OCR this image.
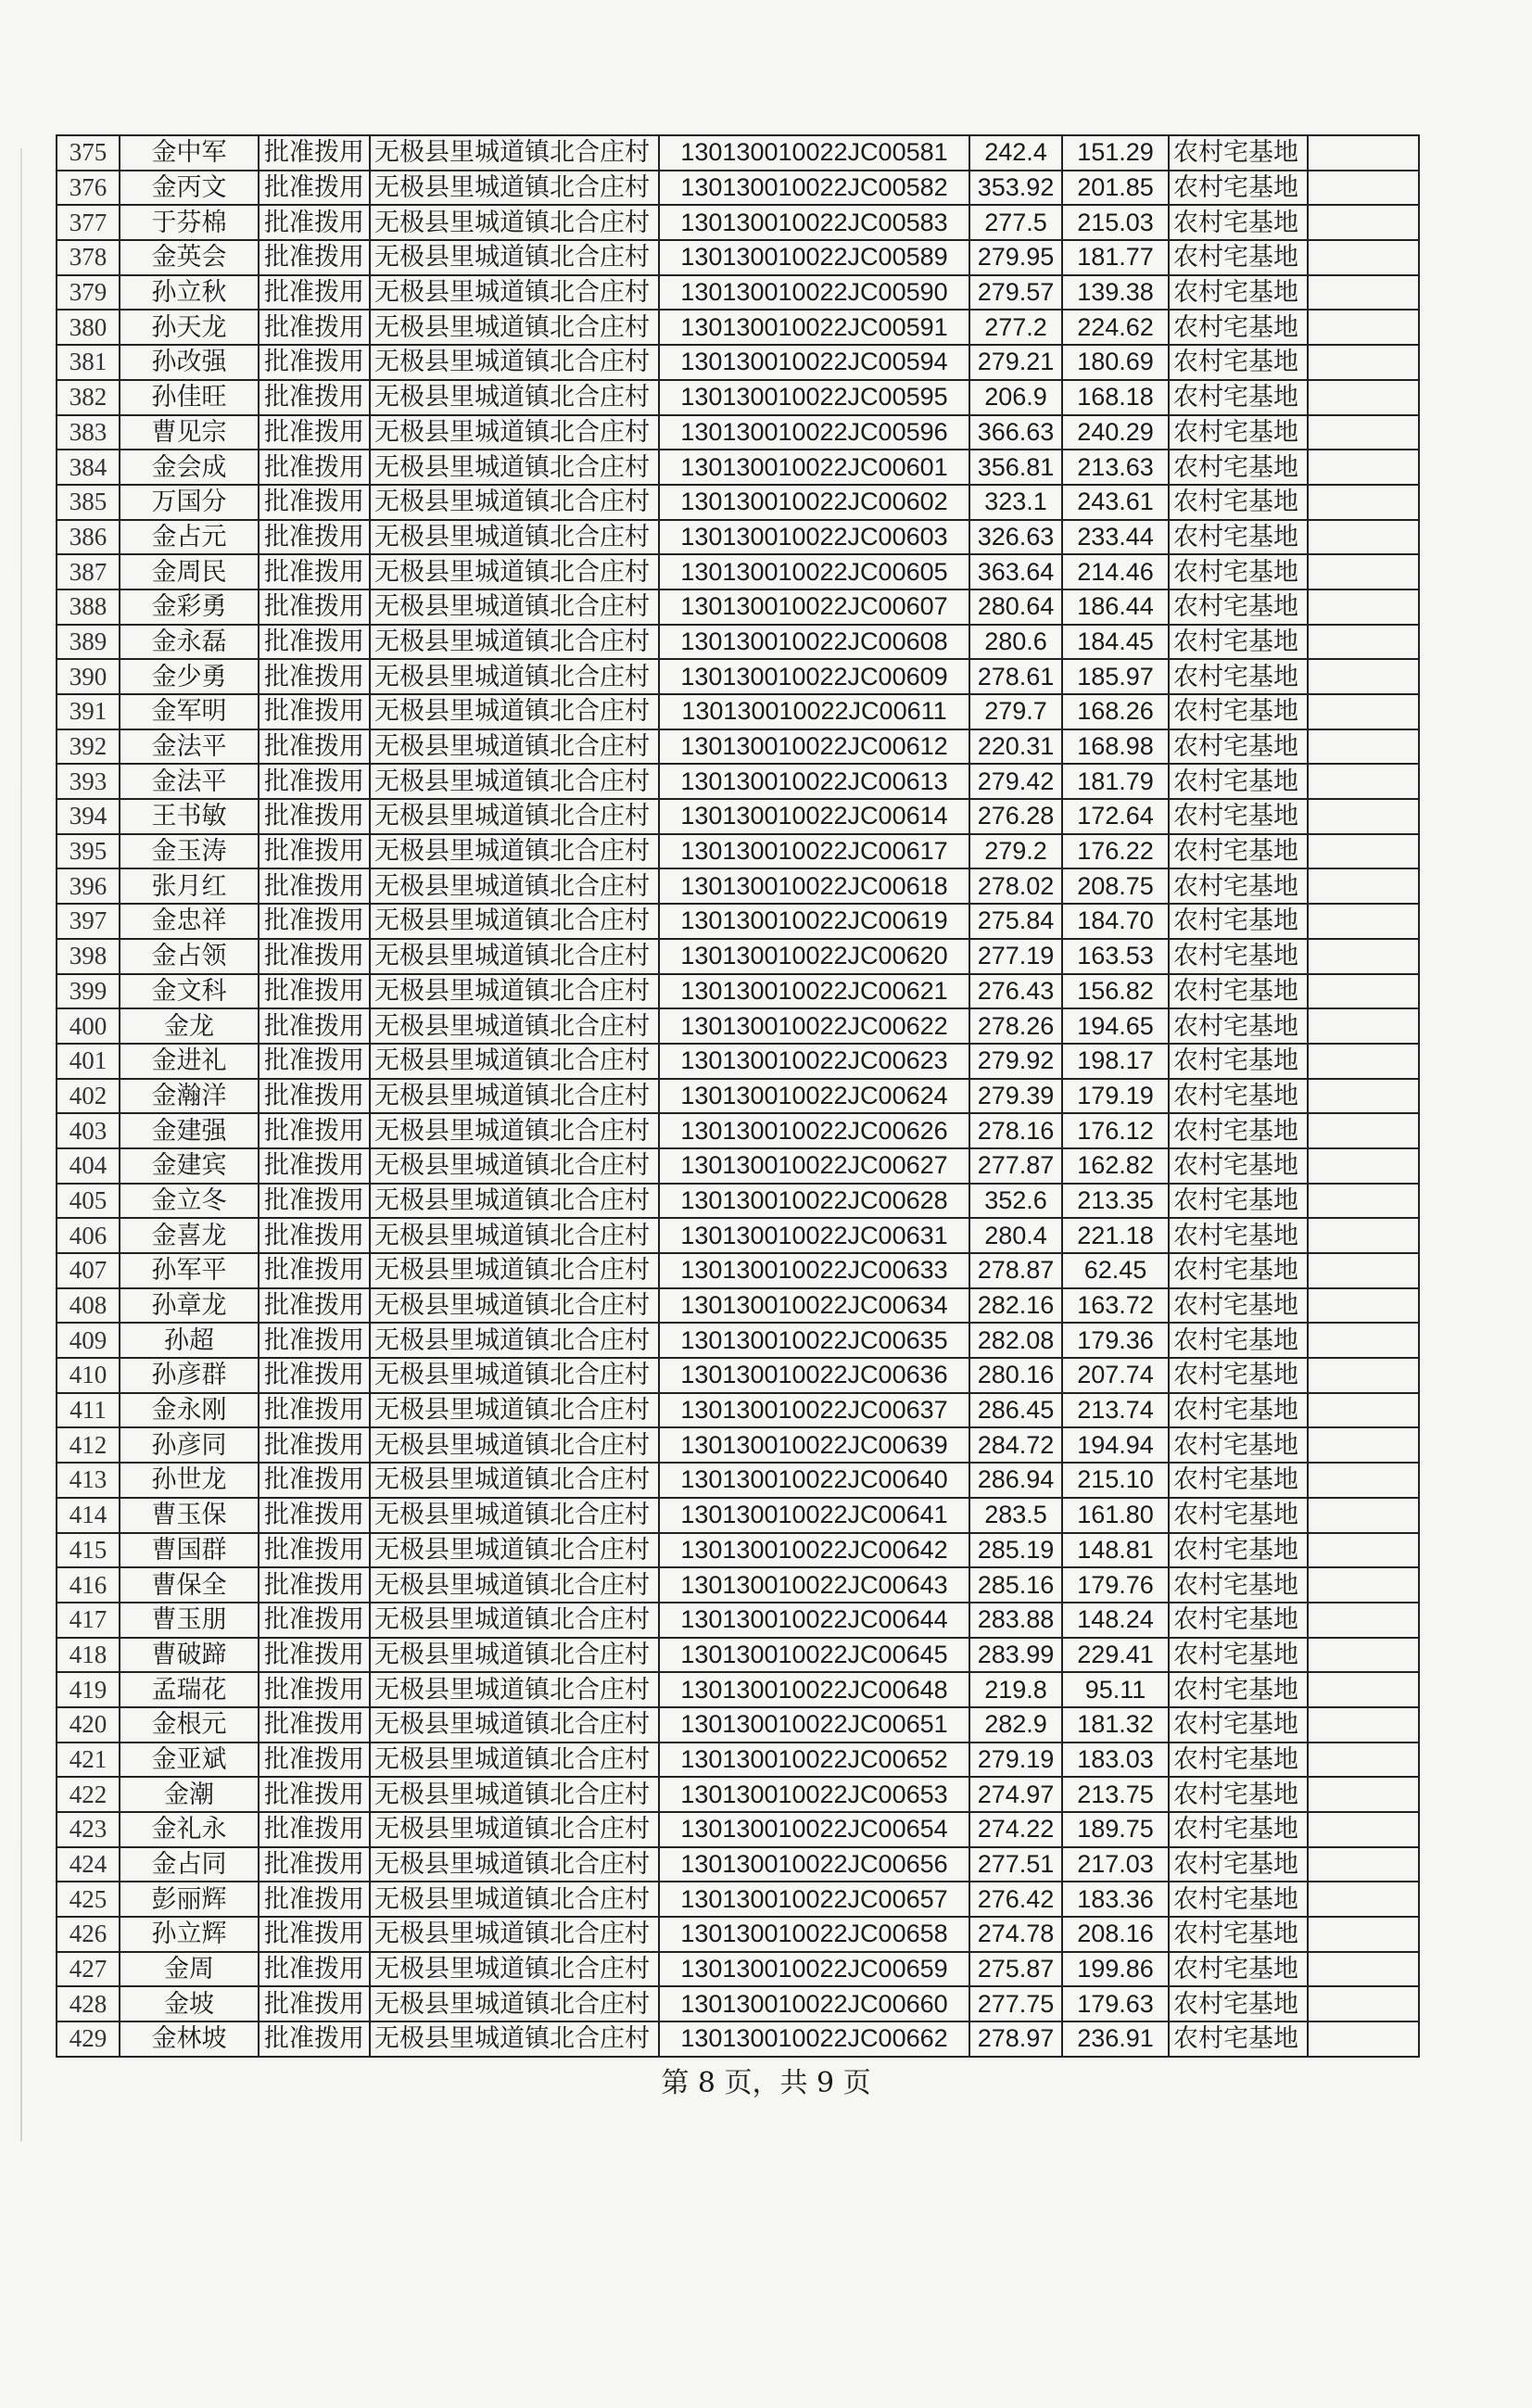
375	金中军	批准拨用	无极县里城道镇北合庄村	130130010022JC00581	242.4	151.29	农村宅基地	
376	金丙文	批准拨用	无极县里城道镇北合庄村	130130010022JC00582	353.92	201.85	农村宅基地	
377	于芬棉	批准拨用	无极县里城道镇北合庄村	130130010022JC00583	277.5	215.03	农村宅基地	
378	金英会	批准拨用	无极县里城道镇北合庄村	130130010022JC00589	279.95	181.77	农村宅基地	
379	孙立秋	批准拨用	无极县里城道镇北合庄村	130130010022JC00590	279.57	139.38	农村宅基地	
380	孙天龙	批准拨用	无极县里城道镇北合庄村	130130010022JC00591	277.2	224.62	农村宅基地	
381	孙改强	批准拨用	无极县里城道镇北合庄村	130130010022JC00594	279.21	180.69	农村宅基地	
382	孙佳旺	批准拨用	无极县里城道镇北合庄村	130130010022JC00595	206.9	168.18	农村宅基地	
383	曹见宗	批准拨用	无极县里城道镇北合庄村	130130010022JC00596	366.63	240.29	农村宅基地	
384	金会成	批准拨用	无极县里城道镇北合庄村	130130010022JC00601	356.81	213.63	农村宅基地	
385	万国分	批准拨用	无极县里城道镇北合庄村	130130010022JC00602	323.1	243.61	农村宅基地	
386	金占元	批准拨用	无极县里城道镇北合庄村	130130010022JC00603	326.63	233.44	农村宅基地	
387	金周民	批准拨用	无极县里城道镇北合庄村	130130010022JC00605	363.64	214.46	农村宅基地	
388	金彩勇	批准拨用	无极县里城道镇北合庄村	130130010022JC00607	280.64	186.44	农村宅基地	
389	金永磊	批准拨用	无极县里城道镇北合庄村	130130010022JC00608	280.6	184.45	农村宅基地	
390	金少勇	批准拨用	无极县里城道镇北合庄村	130130010022JC00609	278.61	185.97	农村宅基地	
391	金军明	批准拨用	无极县里城道镇北合庄村	130130010022JC00611	279.7	168.26	农村宅基地	
392	金法平	批准拨用	无极县里城道镇北合庄村	130130010022JC00612	220.31	168.98	农村宅基地	
393	金法平	批准拨用	无极县里城道镇北合庄村	130130010022JC00613	279.42	181.79	农村宅基地	
394	王书敏	批准拨用	无极县里城道镇北合庄村	130130010022JC00614	276.28	172.64	农村宅基地	
395	金玉涛	批准拨用	无极县里城道镇北合庄村	130130010022JC00617	279.2	176.22	农村宅基地	
396	张月红	批准拨用	无极县里城道镇北合庄村	130130010022JC00618	278.02	208.75	农村宅基地	
397	金忠祥	批准拨用	无极县里城道镇北合庄村	130130010022JC00619	275.84	184.70	农村宅基地	
398	金占领	批准拨用	无极县里城道镇北合庄村	130130010022JC00620	277.19	163.53	农村宅基地	
399	金文科	批准拨用	无极县里城道镇北合庄村	130130010022JC00621	276.43	156.82	农村宅基地	
400	金龙	批准拨用	无极县里城道镇北合庄村	130130010022JC00622	278.26	194.65	农村宅基地	
401	金进礼	批准拨用	无极县里城道镇北合庄村	130130010022JC00623	279.92	198.17	农村宅基地	
402	金瀚洋	批准拨用	无极县里城道镇北合庄村	130130010022JC00624	279.39	179.19	农村宅基地	
403	金建强	批准拨用	无极县里城道镇北合庄村	130130010022JC00626	278.16	176.12	农村宅基地	
404	金建宾	批准拨用	无极县里城道镇北合庄村	130130010022JC00627	277.87	162.82	农村宅基地	
405	金立冬	批准拨用	无极县里城道镇北合庄村	130130010022JC00628	352.6	213.35	农村宅基地	
406	金喜龙	批准拨用	无极县里城道镇北合庄村	130130010022JC00631	280.4	221.18	农村宅基地	
407	孙军平	批准拨用	无极县里城道镇北合庄村	130130010022JC00633	278.87	62.45	农村宅基地	
408	孙章龙	批准拨用	无极县里城道镇北合庄村	130130010022JC00634	282.16	163.72	农村宅基地	
409	孙超	批准拨用	无极县里城道镇北合庄村	130130010022JC00635	282.08	179.36	农村宅基地	
410	孙彦群	批准拨用	无极县里城道镇北合庄村	130130010022JC00636	280.16	207.74	农村宅基地	
411	金永刚	批准拨用	无极县里城道镇北合庄村	130130010022JC00637	286.45	213.74	农村宅基地	
412	孙彦同	批准拨用	无极县里城道镇北合庄村	130130010022JC00639	284.72	194.94	农村宅基地	
413	孙世龙	批准拨用	无极县里城道镇北合庄村	130130010022JC00640	286.94	215.10	农村宅基地	
414	曹玉保	批准拨用	无极县里城道镇北合庄村	130130010022JC00641	283.5	161.80	农村宅基地	
415	曹国群	批准拨用	无极县里城道镇北合庄村	130130010022JC00642	285.19	148.81	农村宅基地	
416	曹保全	批准拨用	无极县里城道镇北合庄村	130130010022JC00643	285.16	179.76	农村宅基地	
417	曹玉朋	批准拨用	无极县里城道镇北合庄村	130130010022JC00644	283.88	148.24	农村宅基地	
418	曹破蹄	批准拨用	无极县里城道镇北合庄村	130130010022JC00645	283.99	229.41	农村宅基地	
419	孟瑞花	批准拨用	无极县里城道镇北合庄村	130130010022JC00648	219.8	95.11	农村宅基地	
420	金根元	批准拨用	无极县里城道镇北合庄村	130130010022JC00651	282.9	181.32	农村宅基地	
421	金亚斌	批准拨用	无极县里城道镇北合庄村	130130010022JC00652	279.19	183.03	农村宅基地	
422	金潮	批准拨用	无极县里城道镇北合庄村	130130010022JC00653	274.97	213.75	农村宅基地	
423	金礼永	批准拨用	无极县里城道镇北合庄村	130130010022JC00654	274.22	189.75	农村宅基地	
424	金占同	批准拨用	无极县里城道镇北合庄村	130130010022JC00656	277.51	217.03	农村宅基地	
425	彭丽辉	批准拨用	无极县里城道镇北合庄村	130130010022JC00657	276.42	183.36	农村宅基地	
426	孙立辉	批准拨用	无极县里城道镇北合庄村	130130010022JC00658	274.78	208.16	农村宅基地	
427	金周	批准拨用	无极县里城道镇北合庄村	130130010022JC00659	275.87	199.86	农村宅基地	
428	金坡	批准拨用	无极县里城道镇北合庄村	130130010022JC00660	277.75	179.63	农村宅基地	
429	金林坡	批准拨用	无极县里城道镇北合庄村	130130010022JC00662	278.97	236.91	农村宅基地	
第 8 页，共 9 页
